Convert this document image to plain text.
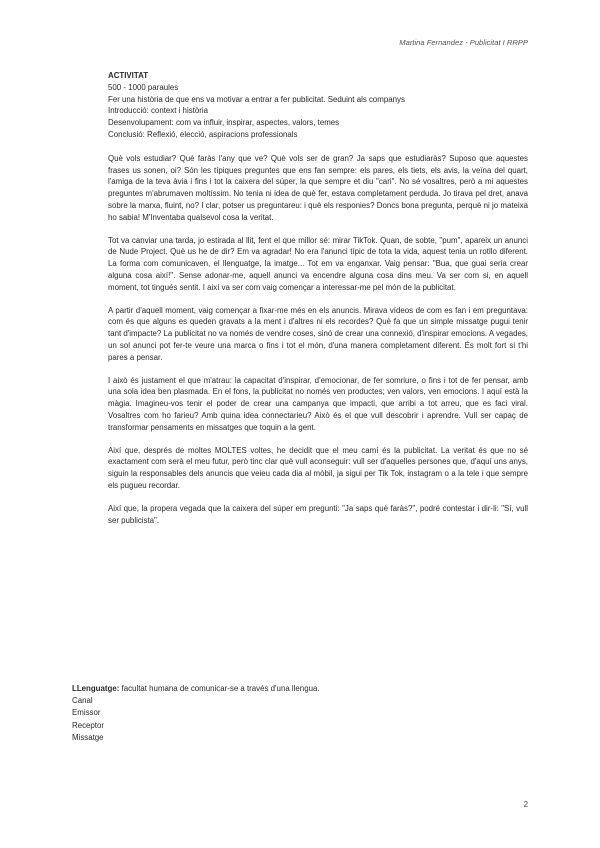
Martina Fernandez - Publicitat I RRPP

ACTIVITAT

500 - 1000 paraules

Fer una història de que ens va motivar a entrar a fer publicitat. Seduint als companys

Introducció: context i història

Desenvolupament: com va influir, inspirar, aspectes, valors, temes

Conclusió: Reflexió, elecció, aspiracions professionals

Què vols estudiar? Què faràs l'any que ve? Què vols ser de gran? Ja saps que estudiaràs? Suposo que aquestes frases us sonen, oi? Són les típiques preguntes que ens fan sempre: els pares, els tiets, els avis, la veïna del quart, l'amiga de la teva àvia i fins i tot la caixera del súper, la que sempre et diu "cari". No sé vosaltres, però a mi aquestes preguntes m'abrumaven moltíssim. No tenia ni idea de què fer, estava completament perduda. Jo tirava pel dret, anava sobre la marxa, fluint, no? I clar, potser us preguntareu: i què els responies? Doncs bona pregunta, perquè ni jo mateixa ho sabia! M'Inventaba qualsevol cosa la veritat.

Tot va canviar una tarda, jo estirada al llit, fent el que millor sé: mirar TikTok. Quan, de sobte, "pum", apareix un anunci de Nude Project. Què us he de dir? Em va agradar! No era l'anunci típic de tota la vida, aquest tenia un rotllo diferent. La forma com comunicaven, el llenguatge, la imatge... Tot em va enganxar. Vaig pensar: "Bua, que guai seria crear alguna cosa així!". Sense adonar-me, aquell anunci va encendre alguna cosa dins meu. Va ser com si, en aquell moment, tot tingués sentit. I així va ser com vaig començar a interessar-me pel món de la publicitat.

A partir d'aquell moment, vaig començar a fixar-me més en els anuncis. Mirava vídeos de com es fan i em preguntava: com és que alguns es queden gravats a la ment i d'altres ni els recordes? Què fa que un simple missatge pugui tenir tant d'impacte? La publicitat no va només de vendre coses, sinó de crear una connexió, d'inspirar emocions. A vegades, un sol anunci pot fer-te veure una marca o fins i tot el món, d'una manera completament diferent. És molt fort si t'hi pares a pensar.

I això és justament el que m'atrau: la capacitat d'inspirar, d'emocionar, de fer somriure, o fins i tot de fer pensar, amb una sola idea ben plasmada. En el fons, la publicitat no només ven productes; ven valors, ven emocions. I aquí està la màgia. Imagineu-vos tenir el poder de crear una campanya que impacti, que arribi a tot arreu, que es faci viral. Vosaltres com ho farieu? Amb quina idea connectarieu? Això és el que vull descobrir i aprendre. Vull ser capaç de transformar pensaments en missatges que toquin a la gent.

Així que, després de moltes MOLTES voltes, he decidit que el meu camí és la publicitat. La veritat és que no sé exactament com serà el meu futur, però tinc clar què vull aconseguir: vull ser d'aquelles persones que, d'aquí uns anys, siguin la responsables dels anuncis que veieu cada dia al mòbil, ja sigui per Tik Tok, instagram o a la tele i que sempre els pugueu recordar.

Així que, la propera vegada que la caixera del súper em pregunti: "Ja saps què faràs?", podré contestar i dir-li: "Sí, vull ser publicista".

LLenguatge: facultat humana de comunicar-se a través d'una llengua.
Canal
Emissor
Receptor
Missatge
2
